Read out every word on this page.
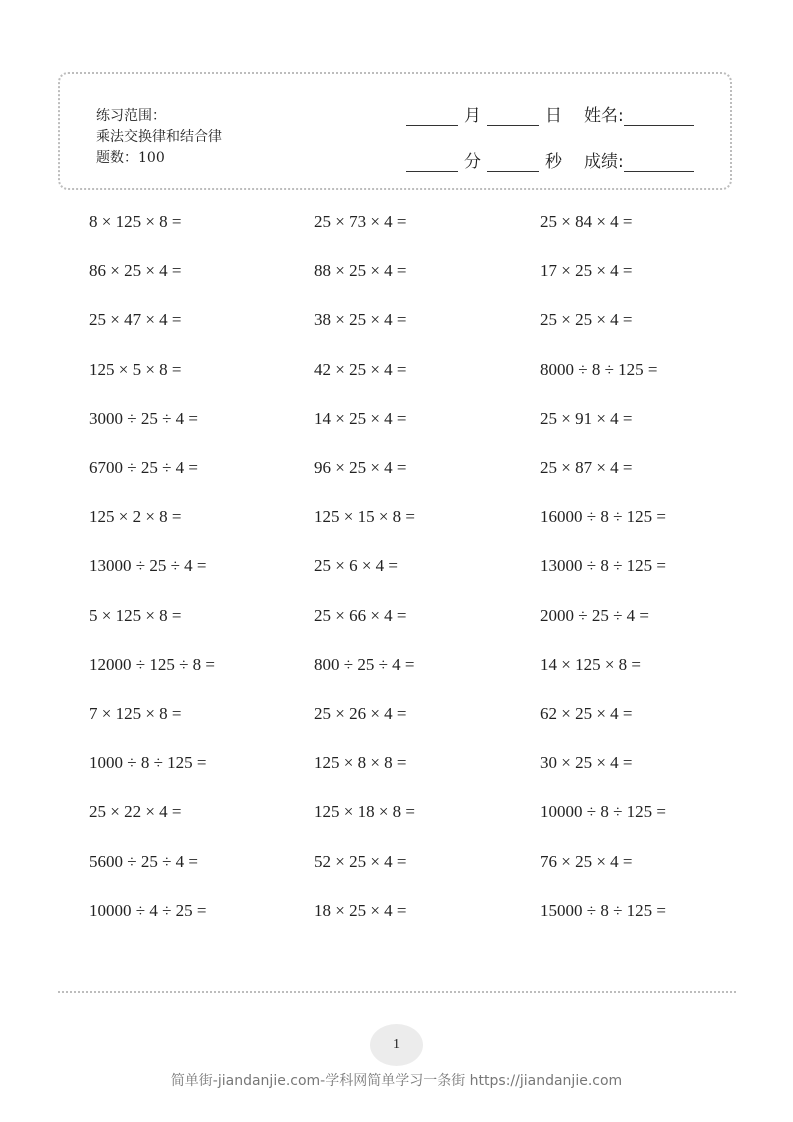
练习范围：
乘法交换律和结合律
题数：100
月	日 姓名:
分	秒 成绩:
8 × 125 × 8 =
86 × 25 × 4 =
25 × 47 × 4 =
125 × 5 × 8 =
3000 ÷ 25 ÷ 4 =
6700 ÷ 25 ÷ 4 =
125 × 2 × 8 =
13000 ÷ 25 ÷ 4 =
5 × 125 × 8 =
12000 ÷ 125 ÷ 8 =
7 × 125 × 8 =
1000 ÷ 8 ÷ 125 =
25 × 22 × 4 =
5600 ÷ 25 ÷ 4 =
10000 ÷ 4 ÷ 25 =
25 × 73 × 4 =
88 × 25 × 4 =
38 × 25 × 4 =
42 × 25 × 4 =
14 × 25 × 4 =
96 × 25 × 4 =
125 × 15 × 8 =
25 × 6 × 4 =
25 × 66 × 4 =
800 ÷ 25 ÷ 4 =
25 × 26 × 4 =
125 × 8 × 8 =
125 × 18 × 8 =
52 × 25 × 4 =
18 × 25 × 4 =
25 × 84 × 4 =
17 × 25 × 4 =
25 × 25 × 4 =
8000 ÷ 8 ÷ 125 =
25 × 91 × 4 =
25 × 87 × 4 =
16000 ÷ 8 ÷ 125 =
13000 ÷ 8 ÷ 125 =
2000 ÷ 25 ÷ 4 =
14 × 125 × 8 =
62 × 25 × 4 =
30 × 25 × 4 =
10000 ÷ 8 ÷ 125 =
76 × 25 × 4 =
15000 ÷ 8 ÷ 125 =
1
简单街-jiandanjie.com-学科网简单学习一条街 https://jiandanjie.com
